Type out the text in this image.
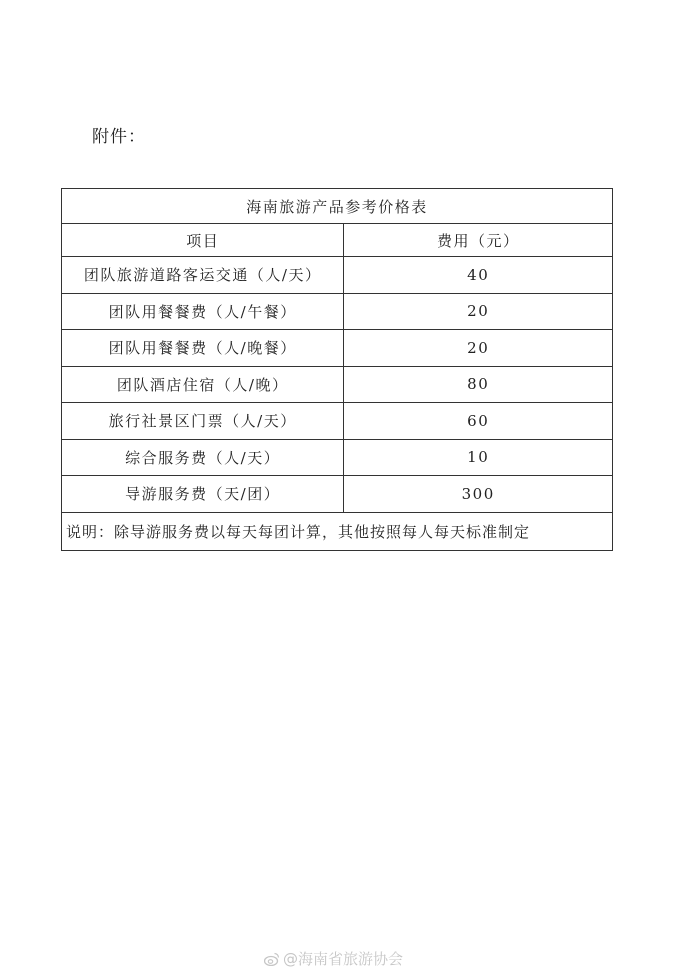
附件：
海南旅游产品参考价格表	
项目	费用（元）
团队旅游道路客运交通（人/天）	40
团队用餐餐费（人/午餐）	20
团队用餐餐费（人/晚餐）	20
团队酒店住宿（人/晚）	80
旅行社景区门票（人/天）	60
综合服务费（人/天）	10
导游服务费（天/团）	300
说明：除导游服务费以每天每团计算，其他按照每人每天标准制定	
@海南省旅游协会
